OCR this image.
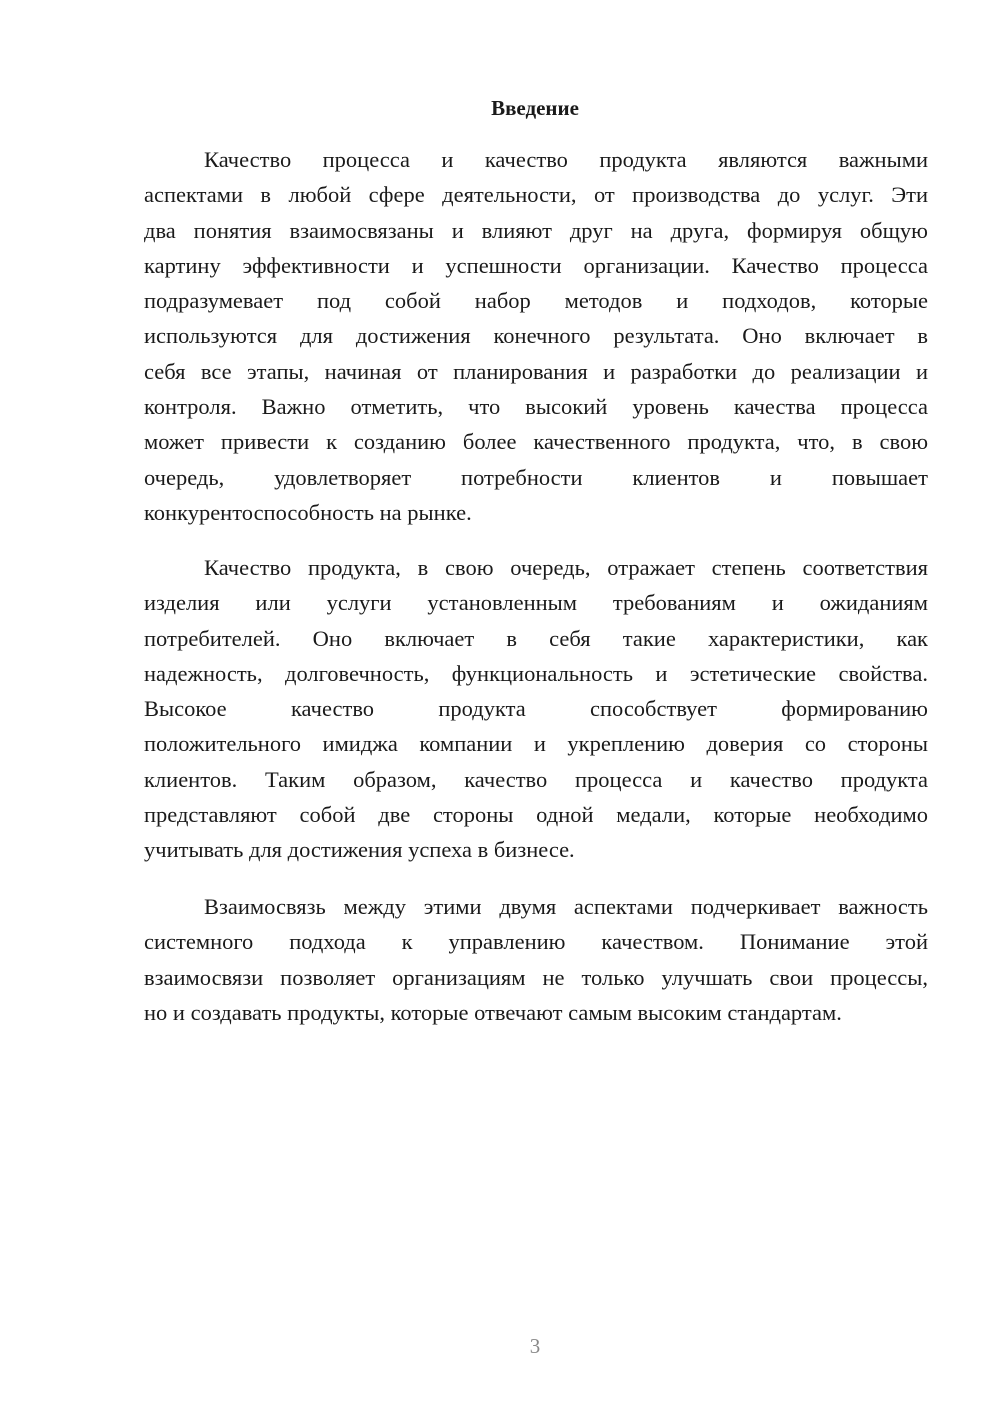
Введение
Качество процесса и качество продукта являются важными
аспектами в любой сфере деятельности, от производства до услуг. Эти
два понятия взаимосвязаны и влияют друг на друга, формируя общую
картину эффективности и успешности организации. Качество процесса
подразумевает под собой набор методов и подходов, которые
используются для достижения конечного результата. Оно включает в
себя все этапы, начиная от планирования и разработки до реализации и
контроля. Важно отметить, что высокий уровень качества процесса
может привести к созданию более качественного продукта, что, в свою
очередь, удовлетворяет потребности клиентов и повышает
конкурентоспособность на рынке.
Качество продукта, в свою очередь, отражает степень соответствия
изделия или услуги установленным требованиям и ожиданиям
потребителей. Оно включает в себя такие характеристики, как
надежность, долговечность, функциональность и эстетические свойства.
Высокое качество продукта способствует формированию
положительного имиджа компании и укреплению доверия со стороны
клиентов. Таким образом, качество процесса и качество продукта
представляют собой две стороны одной медали, которые необходимо
учитывать для достижения успеха в бизнесе.
Взаимосвязь между этими двумя аспектами подчеркивает важность
системного подхода к управлению качеством. Понимание этой
взаимосвязи позволяет организациям не только улучшать свои процессы,
но и создавать продукты, которые отвечают самым высоким стандартам.
3
